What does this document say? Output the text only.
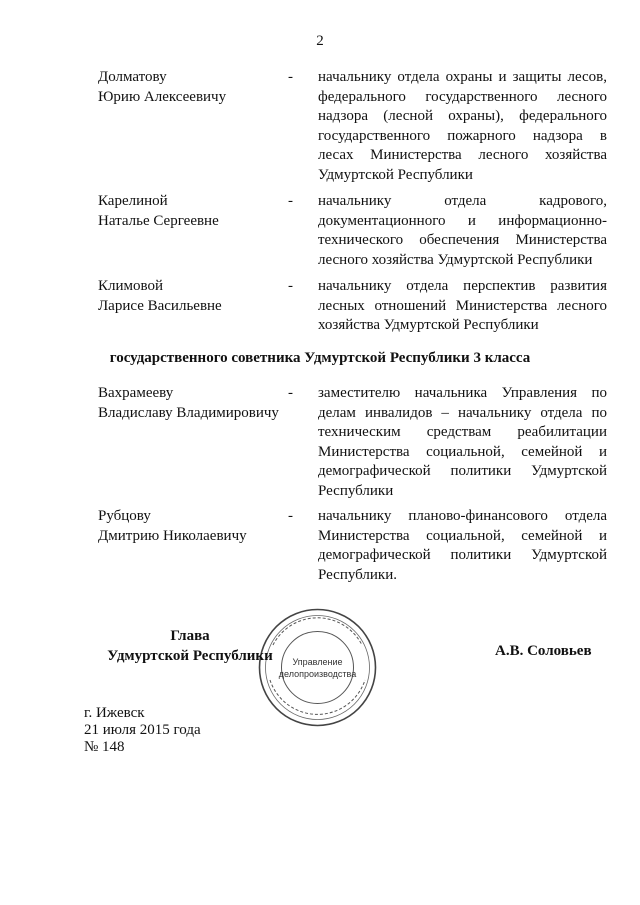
2
Долматову
Юрию Алексеевичу
- начальнику отдела охраны и защиты лесов,
федерального государственного лесного
надзора (лесной охраны), федерального
государственного пожарного надзора в
лесах Министерства лесного хозяйства
Удмуртской Республики
Карелиной
Наталье Сергеевне
- начальнику отдела кадрового,
документационного и информационно-
технического обеспечения Министерства
лесного хозяйства Удмуртской Республики
Климовой
Ларисе Васильевне
- начальнику отдела перспектив развития
лесных отношений Министерства лесного
хозяйства Удмуртской Республики
государственного советника Удмуртской Республики 3 класса
Вахрамееву
Владиславу Владимировичу
- заместителю начальника Управления по
делам инвалидов – начальнику отдела по
техническим средствам реабилитации
Министерства социальной, семейной и
демографической политики Удмуртской
Республики
Рубцову
Дмитрию Николаевичу
- начальнику планово-финансового отдела
Министерства социальной, семейной и
демографической политики Удмуртской
Республики.
Управление
делопроизводства
Глава
Удмуртской Республики	А.В. Соловьев
г. Ижевск
21 июля 2015 года
№ 148
